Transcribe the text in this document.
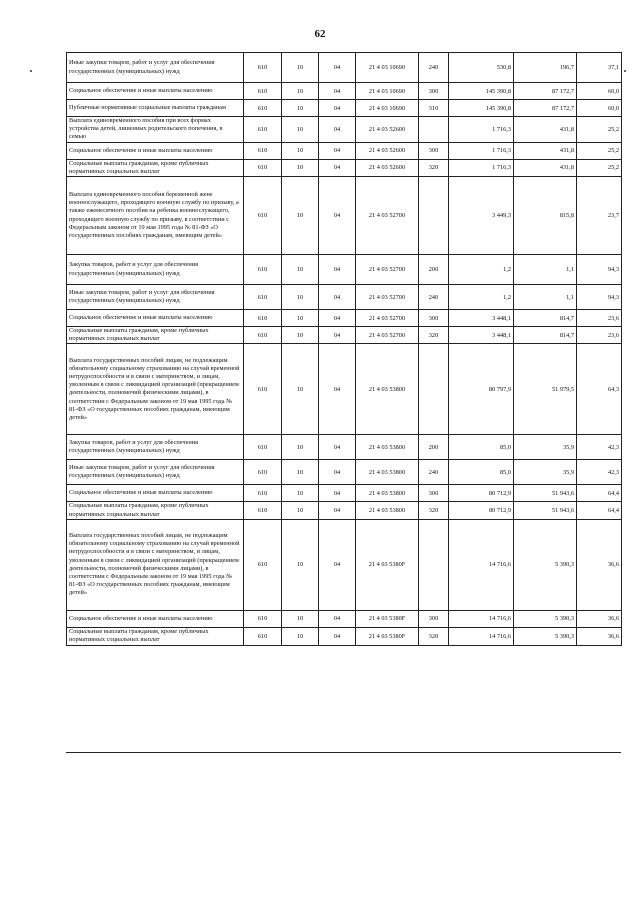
62
Иные закупки товаров, работ и услуг для обеспечения государственных (муниципальных) нужд	610	10	04	21 4 03 10690	240	530,8	196,7	37,1
Социальное обеспечение и иные выплаты населению	610	10	04	21 4 03 10690	300	145 390,8	87 172,7	60,0
Публичные нормативные социальные выплаты гражданам	610	10	04	21 4 03 10690	310	145 390,8	87 172,7	60,0
Выплата единовременного пособия при всех формах устройства детей, лишенных родительского попечения, в семью	610	10	04	21 4 03 52600		1 716,3	431,8	25,2
Социальное обеспечение и иные выплаты населению	610	10	04	21 4 03 52600	300	1 716,3	431,8	25,2
Социальные выплаты гражданам, кроме публичных нормативных социальных выплат	610	10	04	21 4 03 52600	320	1 716,3	431,8	25,2
Выплата единовременного пособия беременной жене военнослужащего, проходящего военную службу по призыву, а также ежемесячного пособия на ребенка военнослужащего, проходящего военную службу по призыву, в соответствии с Федеральным законом от 19 мая 1995 года № 81-ФЗ «О государственных пособиях гражданам, имеющим детей»	610	10	04	21 4 03 52700		3 449,3	815,8	23,7
Закупка товаров, работ и услуг для обеспечения государственных (муниципальных) нужд	610	10	04	21 4 03 52700	200	1,2	1,1	94,3
Иные закупки товаров, работ и услуг для обеспечения государственных (муниципальных) нужд	610	10	04	21 4 03 52700	240	1,2	1,1	94,3
Социальное обеспечение и иные выплаты населению	610	10	04	21 4 03 52700	300	3 448,1	814,7	23,6
Социальные выплаты гражданам, кроме публичных нормативных социальных выплат	610	10	04	21 4 03 52700	320	3 448,1	814,7	23,6
Выплата государственных пособий лицам, не подлежащим обязательному социальному страхованию на случай временной нетрудоспособности и в связи с материнством, и лицам, уволенным в связи с ликвидацией организаций (прекращением деятельности, полномочий физическими лицами), в соответствии с Федеральным законом от 19 мая 1995 года № 81-ФЗ «О государственных пособиях гражданам, имеющим детей»	610	10	04	21 4 03 53800		80 797,9	51 979,5	64,3
Закупка товаров, работ и услуг для обеспечения государственных (муниципальных) нужд	610	10	04	21 4 03 53800	200	85,0	35,9	42,3
Иные закупки товаров, работ и услуг для обеспечения государственных (муниципальных) нужд	610	10	04	21 4 03 53800	240	85,0	35,9	42,3
Социальное обеспечение и иные выплаты населению	610	10	04	21 4 03 53800	300	80 712,9	51 943,6	64,4
Социальные выплаты гражданам, кроме публичных нормативных социальных выплат	610	10	04	21 4 03 53800	320	80 712,9	51 943,6	64,4
Выплата государственных пособий лицам, не подлежащим обязательному социальному страхованию на случай временной нетрудоспособности и в связи с материнством, и лицам, уволенным в связи с ликвидацией организаций (прекращением деятельности, полномочий физическими лицами), в соответствии с Федеральным законом от 19 мая 1995 года № 81-ФЗ «О государственных пособиях гражданам, имеющим детей»	610	10	04	21 4 03 5380F		14 716,6	5 390,3	36,6
Социальное обеспечение и иные выплаты населению	610	10	04	21 4 03 5380F	300	14 716,6	5 390,3	36,6
Социальные выплаты гражданам, кроме публичных нормативных социальных выплат	610	10	04	21 4 03 5380F	320	14 716,6	5 390,3	36,6
